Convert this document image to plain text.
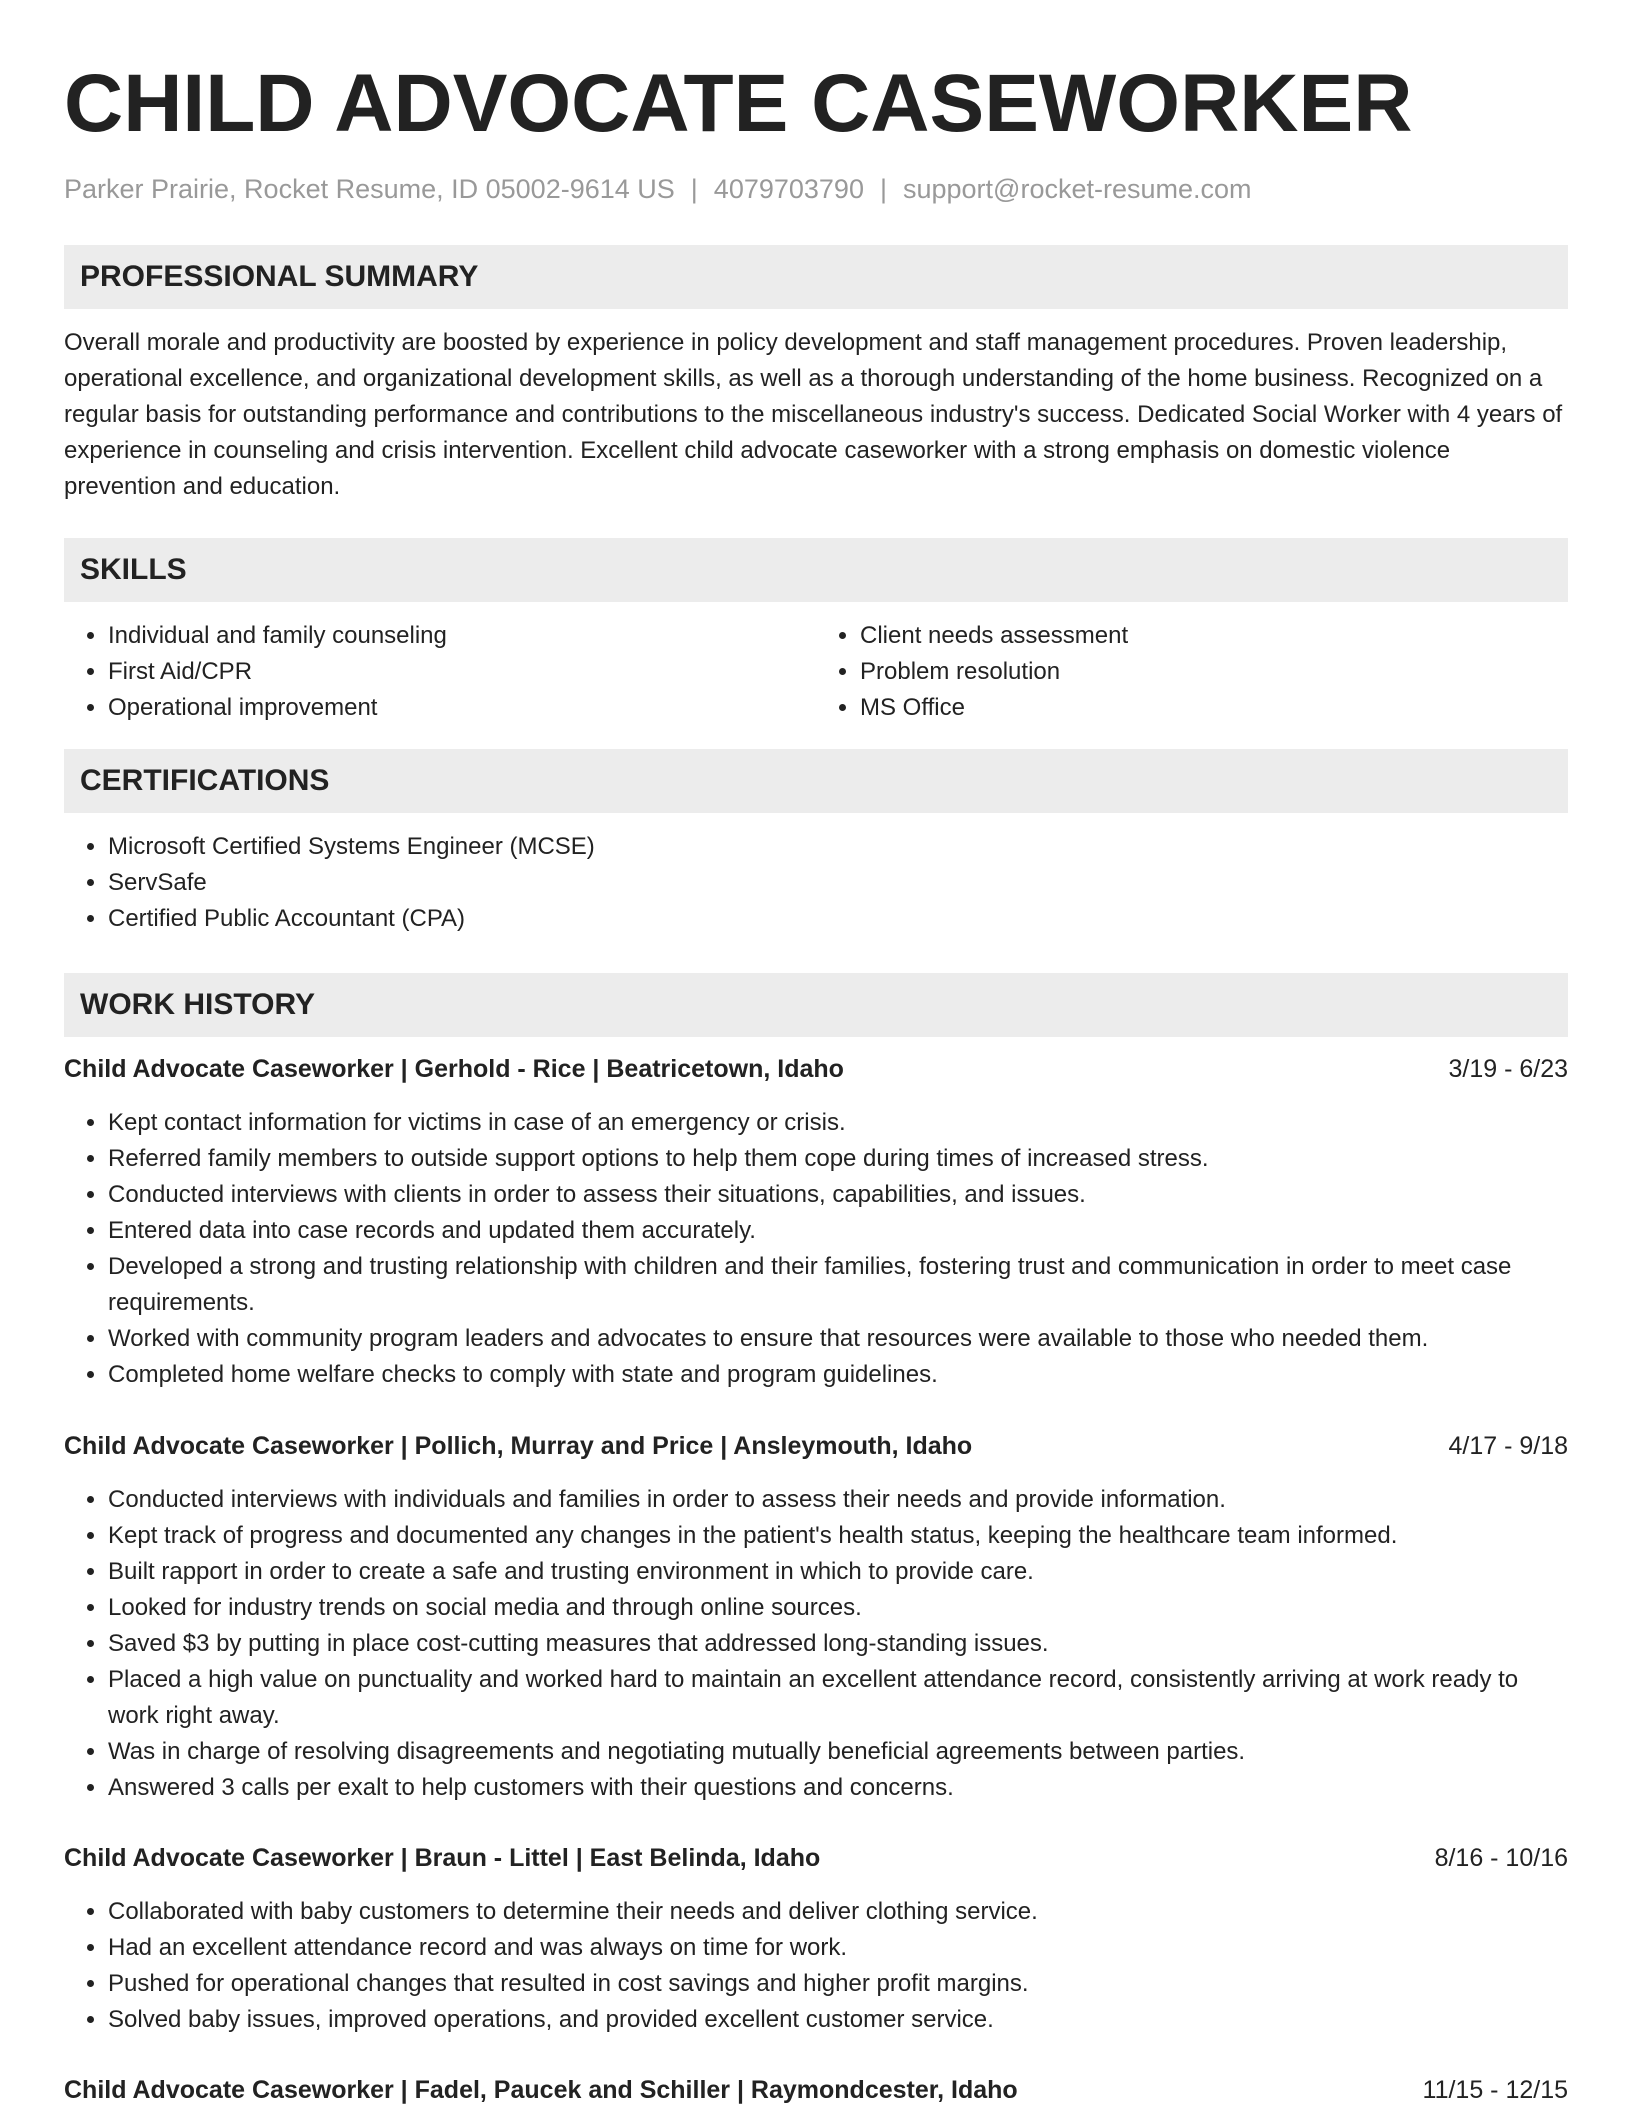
CHILD ADVOCATE CASEWORKER
Parker Prairie, Rocket Resume, ID 05002-9614 US | 4079703790 | support@rocket-resume.com
PROFESSIONAL SUMMARY
Overall morale and productivity are boosted by experience in policy development and staff management procedures. Proven leadership, operational excellence, and organizational development skills, as well as a thorough understanding of the home business. Recognized on a regular basis for outstanding performance and contributions to the miscellaneous industry's success. Dedicated Social Worker with 4 years of experience in counseling and crisis intervention. Excellent child advocate caseworker with a strong emphasis on domestic violence prevention and education.
SKILLS
• Individual and family counseling
• First Aid/CPR
• Operational improvement
• Client needs assessment
• Problem resolution
• MS Office
CERTIFICATIONS
• Microsoft Certified Systems Engineer (MCSE)
• ServSafe
• Certified Public Accountant (CPA)
WORK HISTORY
Child Advocate Caseworker | Gerhold - Rice | Beatricetown, Idaho	3/19 - 6/23
• Kept contact information for victims in case of an emergency or crisis.
• Referred family members to outside support options to help them cope during times of increased stress.
• Conducted interviews with clients in order to assess their situations, capabilities, and issues.
• Entered data into case records and updated them accurately.
• Developed a strong and trusting relationship with children and their families, fostering trust and communication in order to meet case requirements.
• Worked with community program leaders and advocates to ensure that resources were available to those who needed them.
• Completed home welfare checks to comply with state and program guidelines.
Child Advocate Caseworker | Pollich, Murray and Price | Ansleymouth, Idaho	4/17 - 9/18
• Conducted interviews with individuals and families in order to assess their needs and provide information.
• Kept track of progress and documented any changes in the patient's health status, keeping the healthcare team informed.
• Built rapport in order to create a safe and trusting environment in which to provide care.
• Looked for industry trends on social media and through online sources.
• Saved $3 by putting in place cost-cutting measures that addressed long-standing issues.
• Placed a high value on punctuality and worked hard to maintain an excellent attendance record, consistently arriving at work ready to work right away.
• Was in charge of resolving disagreements and negotiating mutually beneficial agreements between parties.
• Answered 3 calls per exalt to help customers with their questions and concerns.
Child Advocate Caseworker | Braun - Littel | East Belinda, Idaho	8/16 - 10/16
• Collaborated with baby customers to determine their needs and deliver clothing service.
• Had an excellent attendance record and was always on time for work.
• Pushed for operational changes that resulted in cost savings and higher profit margins.
• Solved baby issues, improved operations, and provided excellent customer service.
Child Advocate Caseworker | Fadel, Paucek and Schiller | Raymondcester, Idaho	11/15 - 12/15
